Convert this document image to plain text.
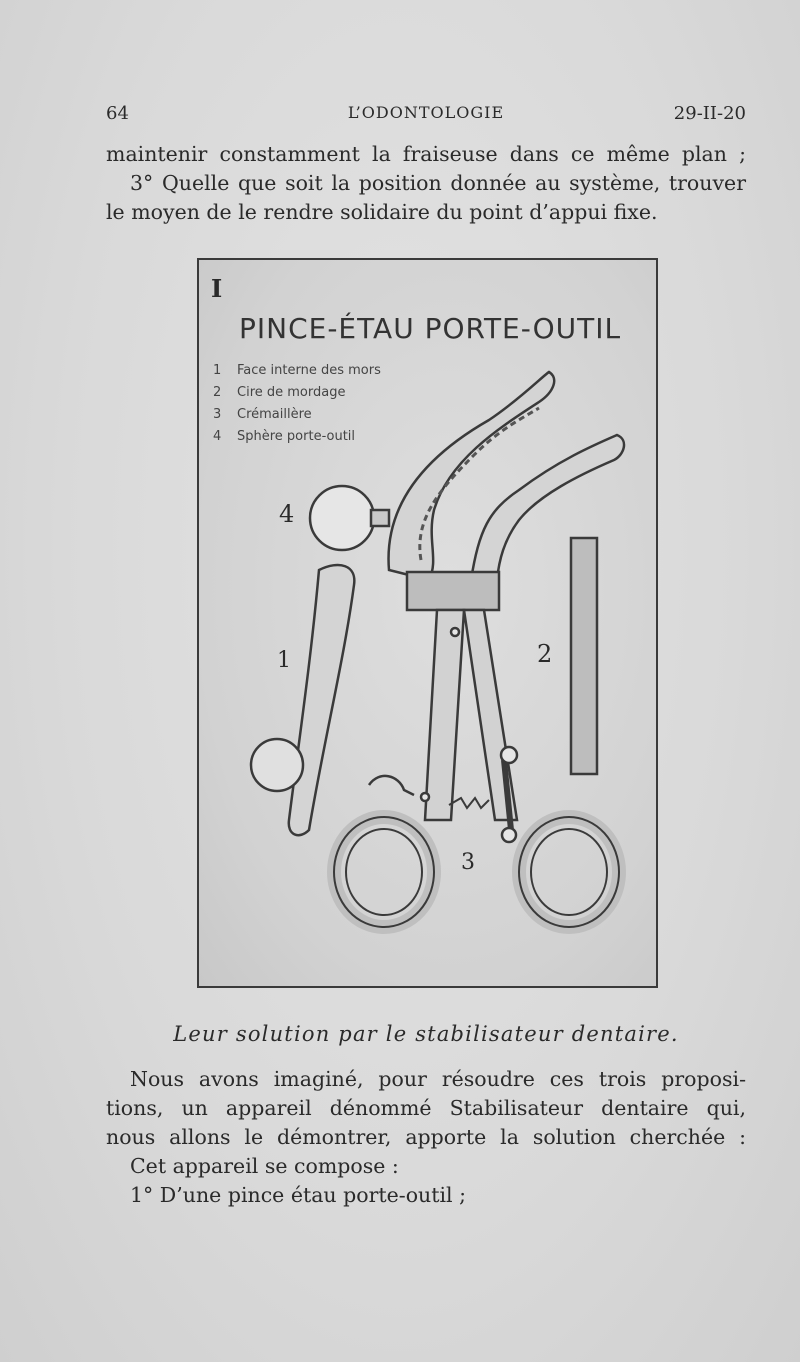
64	L’ODONTOLOGIE	29-II-20
maintenir constamment la fraiseuse dans ce même plan ;
3° Quelle que soit la position donnée au système, trouver
le moyen de le rendre solidaire du point d’appui fixe.
I
PINCE-ÉTAU PORTE-OUTIL
1	Face interne des mors
2	Cire de mordage
3	Crémaillère
4	Sphère porte-outil
4
1	2
3
Leur solution par le stabilisateur dentaire.
Nous avons imaginé, pour résoudre ces trois proposi-
tions, un appareil dénommé Stabilisateur dentaire qui,
nous allons le démontrer, apporte la solution cherchée :
Cet appareil se compose :
1° D’une pince étau porte-outil ;
